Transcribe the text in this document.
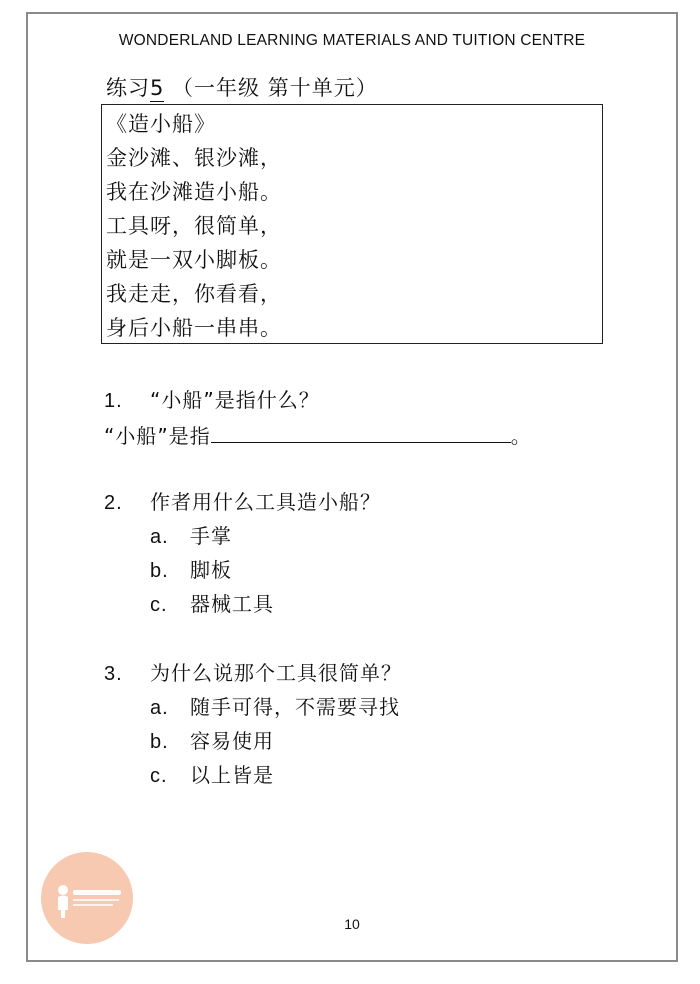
WONDERLAND LEARNING MATERIALS AND TUITION CENTRE
练习5 （一年级 第十单元）
《造小船》
金沙滩、银沙滩，
我在沙滩造小船。
工具呀，很简单，
就是一双小脚板。
我走走，你看看，
身后小船一串串。
1. “小船”是指什么？
“小船”是指	。
2. 作者用什么工具造小船？
a. 手掌
b. 脚板
c. 器械工具
3. 为什么说那个工具很简单？
a. 随手可得，不需要寻找
b. 容易使用
c. 以上皆是
10
